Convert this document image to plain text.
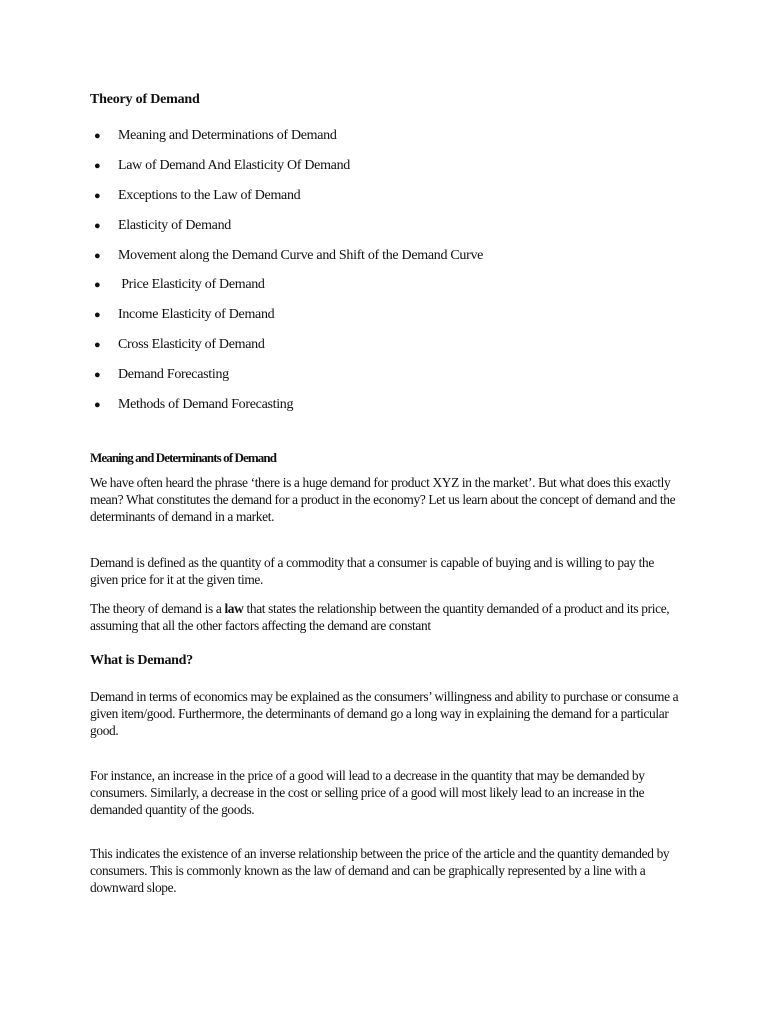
Theory of Demand
●	Meaning and Determinations of Demand
●	Law of Demand And Elasticity Of Demand
●	Exceptions to the Law of Demand
●	Elasticity of Demand
●	Movement along the Demand Curve and Shift of the Demand Curve
●	Price Elasticity of Demand
●	Income Elasticity of Demand
●	Cross Elasticity of Demand
●	Demand Forecasting
●	Methods of Demand Forecasting
Meaning and Determinants of Demand

We have often heard the phrase ‘there is a huge demand for product XYZ in the market’. But what does this exactly mean? What constitutes the demand for a product in the economy? Let us learn about the concept of demand and the determinants of demand in a market.

Demand is defined as the quantity of a commodity that a consumer is capable of buying and is willing to pay the given price for it at the given time.

The theory of demand is a law that states the relationship between the quantity demanded of a product and its price, assuming that all the other factors affecting the demand are constant

What is Demand?

Demand in terms of economics may be explained as the consumers’ willingness and ability to purchase or consume a given item/good. Furthermore, the determinants of demand go a long way in explaining the demand for a particular good.

For instance, an increase in the price of a good will lead to a decrease in the quantity that may be demanded by consumers. Similarly, a decrease in the cost or selling price of a good will most likely lead to an increase in the demanded quantity of the goods.

This indicates the existence of an inverse relationship between the price of the article and the quantity demanded by consumers. This is commonly known as the law of demand and can be graphically represented by a line with a downward slope.
